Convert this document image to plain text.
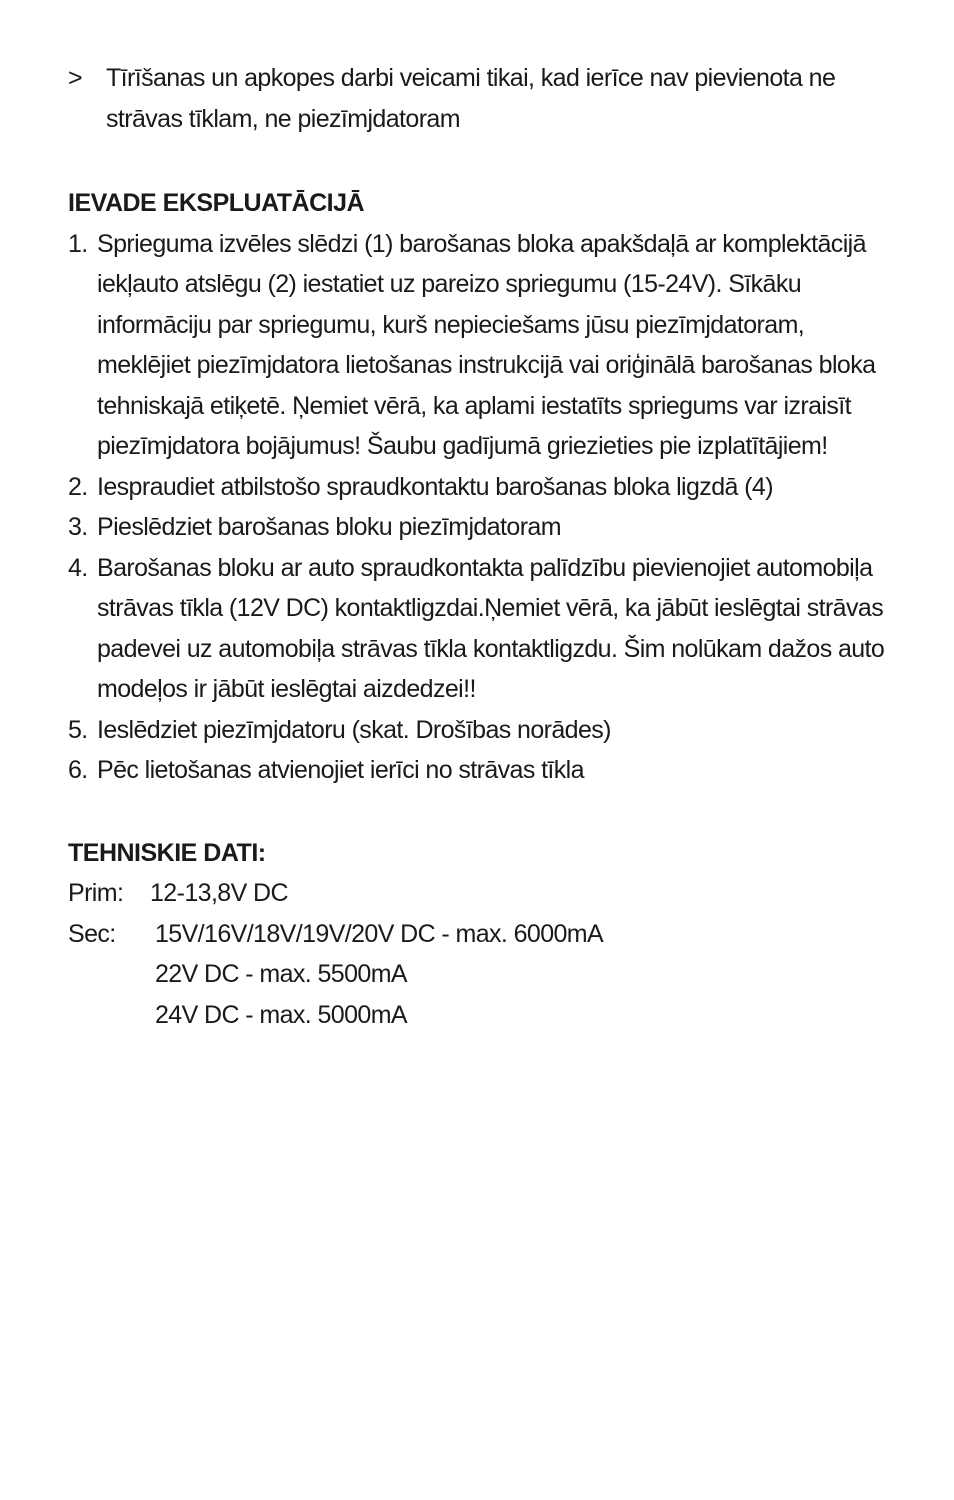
> Tīrīšanas un apkopes darbi veicami tikai, kad ierīce nav pievienota ne strāvas tīklam, ne piezīmjdatoram
IEVADE EKSPLUATĀCIJĀ
1. Sprieguma izvēles slēdzi (1) barošanas bloka apakšdaļā ar komplektācijā iekļauto atslēgu (2) iestatiet uz pareizo spriegumu (15-24V). Sīkāku informāciju par spriegumu, kurš nepieciešams jūsu piezīmjdatoram, meklējiet piezīmjdatora lietošanas instrukcijā vai oriģinālā barošanas bloka tehniskajā etiķetē. Ņemiet vērā, ka aplami iestatīts spriegums var izraisīt piezīmjdatora bojājumus! Šaubu gadījumā griezieties pie izplatītājiem!
2. Iespraudiet atbilstošo spraudkontaktu barošanas bloka ligzdā (4)
3. Pieslēdziet barošanas bloku piezīmjdatoram
4. Barošanas bloku ar auto spraudkontakta palīdzību pievienojiet automobiļa strāvas tīkla (12V DC) kontaktligzdai.Ņemiet vērā, ka jābūt ieslēgtai strāvas padevei uz automobiļa strāvas tīkla kontaktligzdu. Šim nolūkam dažos auto modeļos ir jābūt ieslēgtai aizdedzei!!
5. Ieslēdziet piezīmjdatoru (skat. Drošības norādes)
6. Pēc lietošanas atvienojiet ierīci no strāvas tīkla
TEHNISKIE DATI:
Prim:	12-13,8V DC
Sec:	15V/16V/18V/19V/20V DC - max. 6000mA
22V DC - max. 5500mA
24V DC - max. 5000mA
